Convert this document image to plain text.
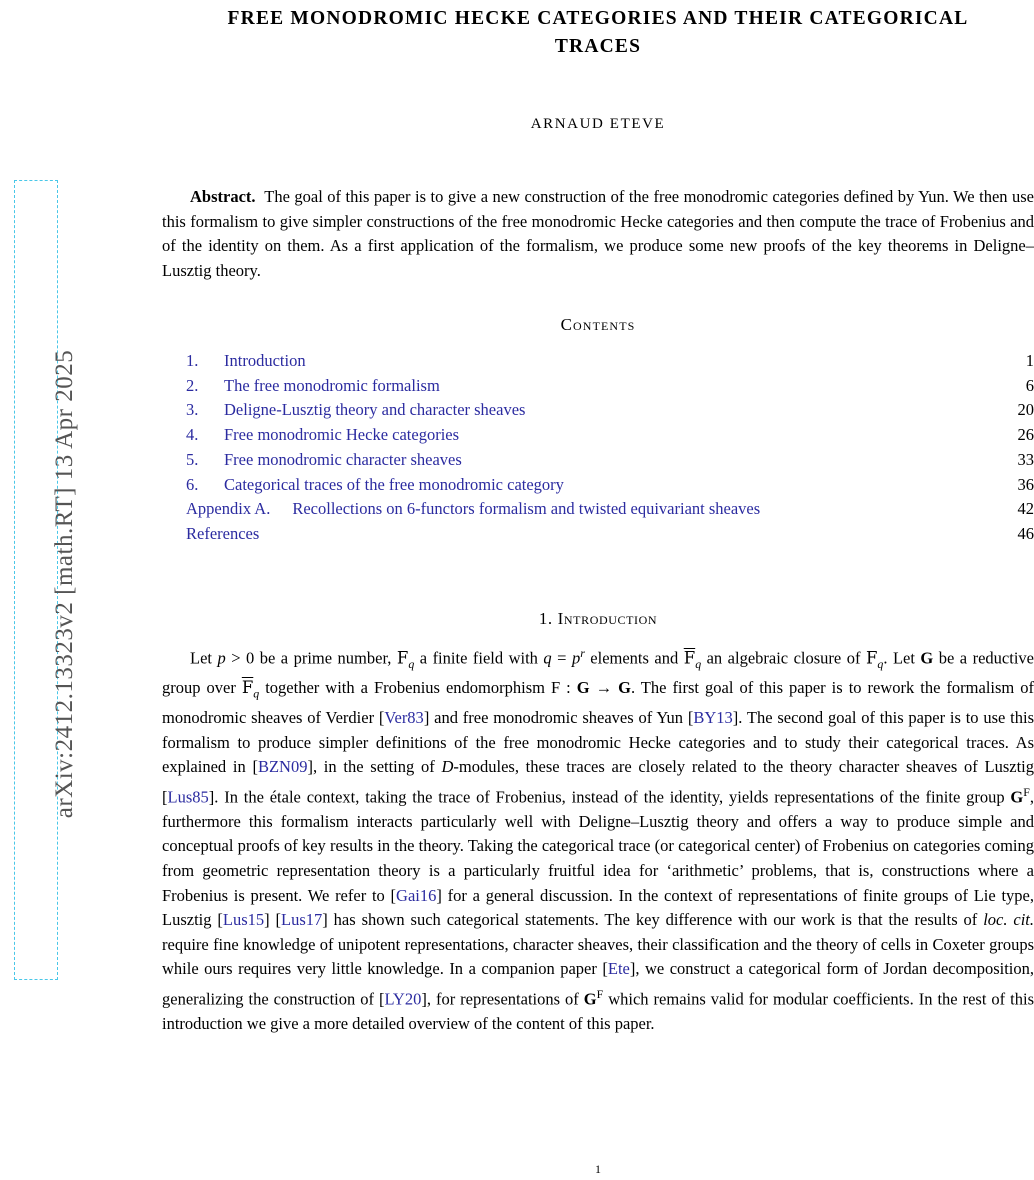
arXiv:2412.13323v2 [math.RT] 13 Apr 2025
FREE MONODROMIC HECKE CATEGORIES AND THEIR CATEGORICAL
TRACES
ARNAUD ETEVE
Abstract. The goal of this paper is to give a new construction of the free monodromic categories defined by Yun. We then use this formalism to give simpler constructions of the free monodromic Hecke categories and then compute the trace of Frobenius and of the identity on them. As a first application of the formalism, we produce some new proofs of the key theorems in Deligne–Lusztig theory.
Contents
1.	Introduction	1
2.	The free monodromic formalism	6
3.	Deligne-Lusztig theory and character sheaves	20
4.	Free monodromic Hecke categories	26
5.	Free monodromic character sheaves	33
6.	Categorical traces of the free monodromic category	36
Appendix A.	Recollections on 6-functors formalism and twisted equivariant sheaves	42
References	46
1. Introduction
Let p > 0 be a prime number, $F_q$ a finite field with $q = p^r$ elements and $\overline{F}_q$ an algebraic closure of $F_q$. Let G be a reductive group over $\overline{F}_q$ together with a Frobenius endomorphism F : G → G. The first goal of this paper is to rework the formalism of monodromic sheaves of Verdier [Ver83] and free monodromic sheaves of Yun [BY13]. The second goal of this paper is to use this formalism to produce simpler definitions of the free monodromic Hecke categories and to study their categorical traces. As explained in [BZN09], in the setting of D-modules, these traces are closely related to the theory character sheaves of Lusztig [Lus85]. In the étale context, taking the trace of Frobenius, instead of the identity, yields representations of the finite group $G^F$, furthermore this formalism interacts particularly well with Deligne–Lusztig theory and offers a way to produce simple and conceptual proofs of key results in the theory. Taking the categorical trace (or categorical center) of Frobenius on categories coming from geometric representation theory is a particularly fruitful idea for ‘arithmetic’ problems, that is, constructions where a Frobenius is present. We refer to [Gai16] for a general discussion. In the context of representations of finite groups of Lie type, Lusztig [Lus15] [Lus17] has shown such categorical statements. The key difference with our work is that the results of loc. cit. require fine knowledge of unipotent representations, character sheaves, their classification and the theory of cells in Coxeter groups while ours requires very little knowledge. In a companion paper [Ete], we construct a categorical form of Jordan decomposition, generalizing the construction of [LY20], for representations of $G^F$ which remains valid for modular coefficients. In the rest of this introduction we give a more detailed overview of the content of this paper.
1
